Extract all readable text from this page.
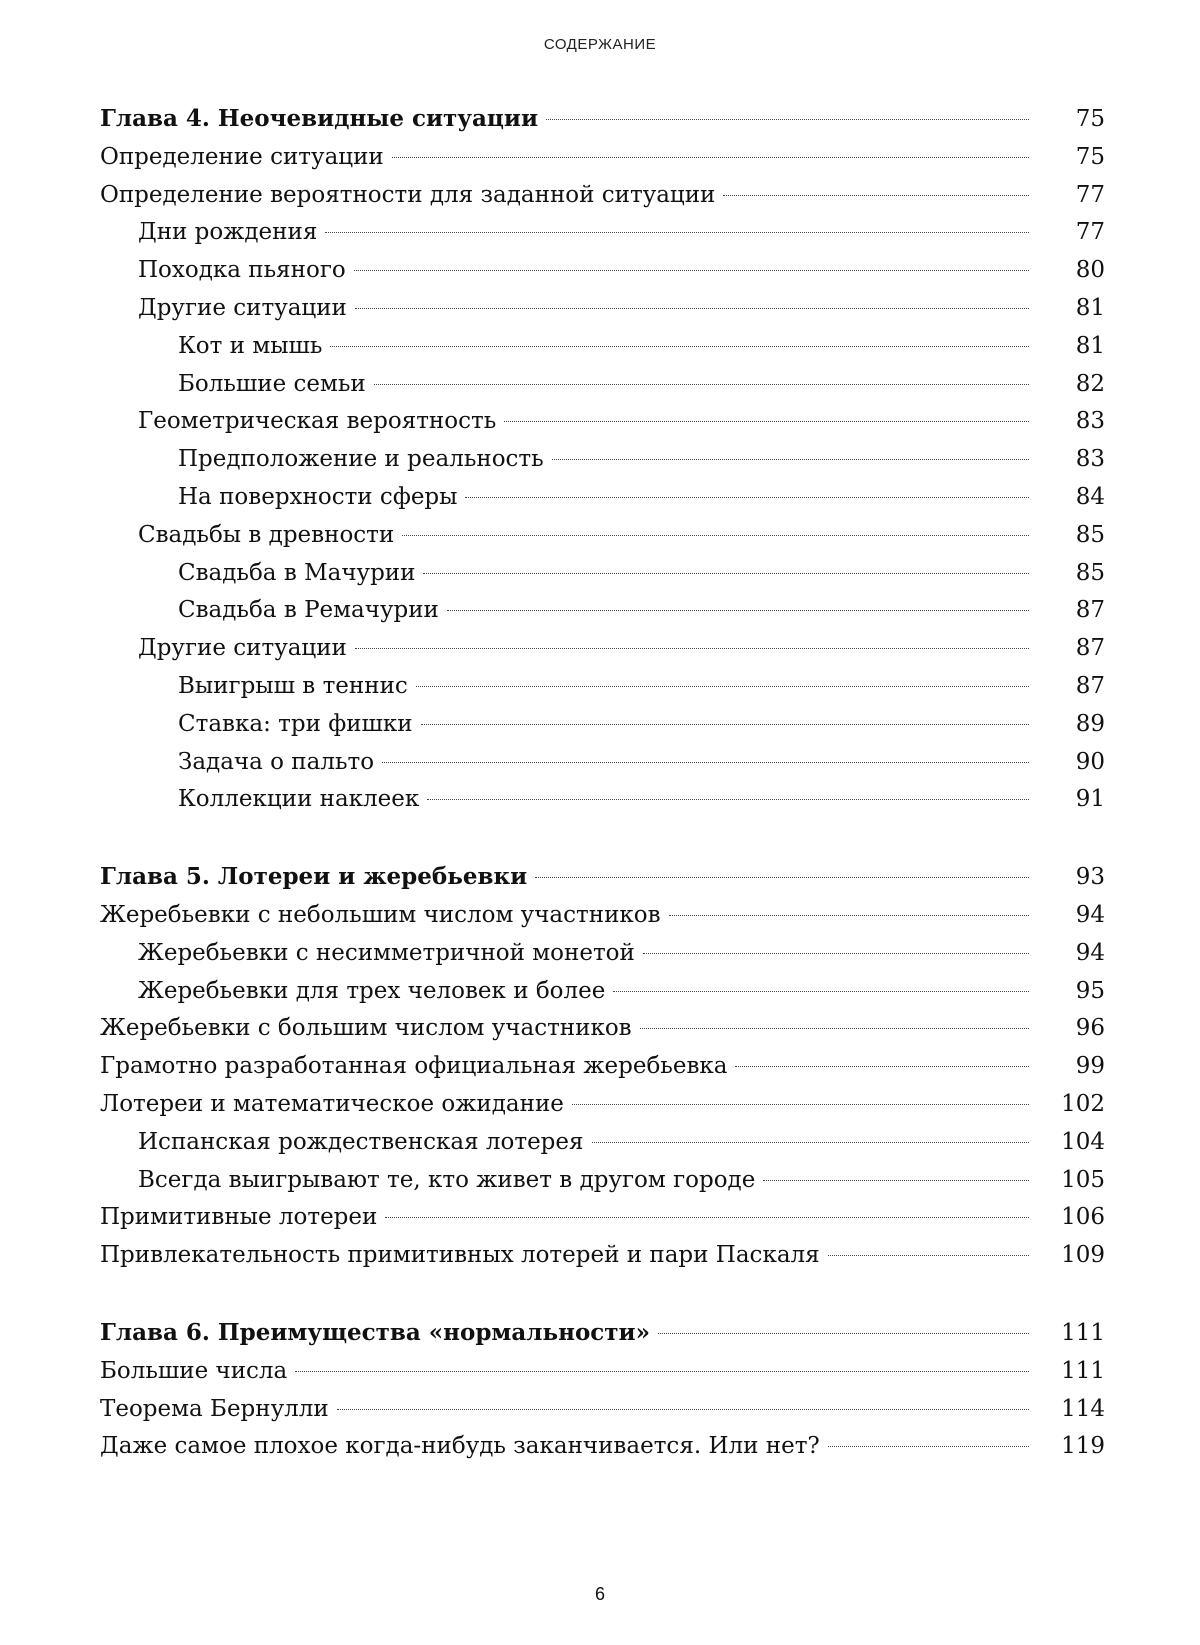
СОДЕРЖАНИЕ
Глава 4. Неочевидные ситуации	75
Определение ситуации	75
Определение вероятности для заданной ситуации	77
Дни рождения	77
Походка пьяного	80
Другие ситуации	81
Кот и мышь	81
Большие семьи	82
Геометрическая вероятность	83
Предположение и реальность	83
На поверхности сферы	84
Свадьбы в древности	85
Свадьба в Мачурии	85
Свадьба в Ремачурии	87
Другие ситуации	87
Выигрыш в теннис	87
Ставка: три фишки	89
Задача о пальто	90
Коллекции наклеек	91
Глава 5. Лотереи и жеребьевки	93
Жеребьевки с небольшим числом участников	94
Жеребьевки с несимметричной монетой	94
Жеребьевки для трех человек и более	95
Жеребьевки с большим числом участников	96
Грамотно разработанная официальная жеребьевка	99
Лотереи и математическое ожидание	102
Испанская рождественская лотерея	104
Всегда выигрывают те, кто живет в другом городе	105
Примитивные лотереи	106
Привлекательность примитивных лотерей и пари Паскаля	109
Глава 6. Преимущества «нормальности»	111
Большие числа	111
Теорема Бернулли	114
Даже самое плохое когда-нибудь заканчивается. Или нет?	119
6
